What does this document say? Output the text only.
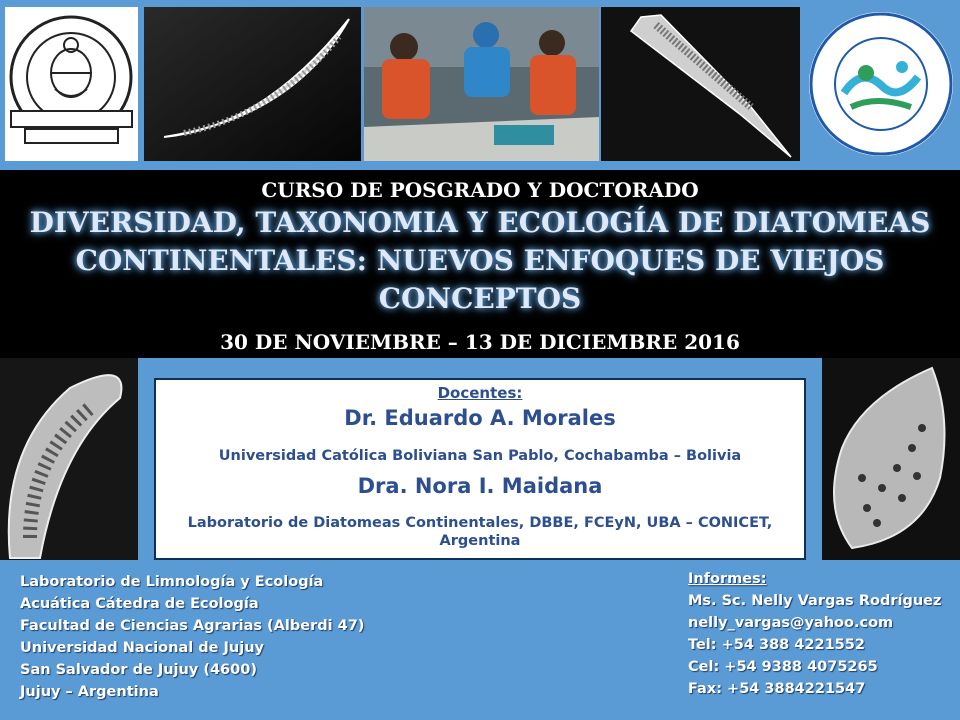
CURSO DE POSGRADO Y DOCTORADO

DIVERSIDAD, TAXONOMIA Y ECOLOGÍA DE DIATOMEAS CONTINENTALES: NUEVOS ENFOQUES DE VIEJOS CONCEPTOS

30 DE NOVIEMBRE – 13 DE DICIEMBRE 2016

Docentes:

Dr. Eduardo A. Morales

Universidad Católica Boliviana San Pablo, Cochabamba – Bolivia

Dra. Nora I. Maidana

Laboratorio de Diatomeas Continentales, DBBE, FCEyN, UBA – CONICET, Argentina

Laboratorio de Limnología y Ecología
Acuática Cátedra de Ecología
Facultad de Ciencias Agrarias (Alberdi 47)
Universidad Nacional de Jujuy
San Salvador de Jujuy (4600)
Jujuy – Argentina
Informes:
Ms. Sc. Nelly Vargas Rodríguez
nelly_vargas@yahoo.com
Tel: +54 388 4221552
Cel: +54 9388 4075265
Fax: +54 3884221547
